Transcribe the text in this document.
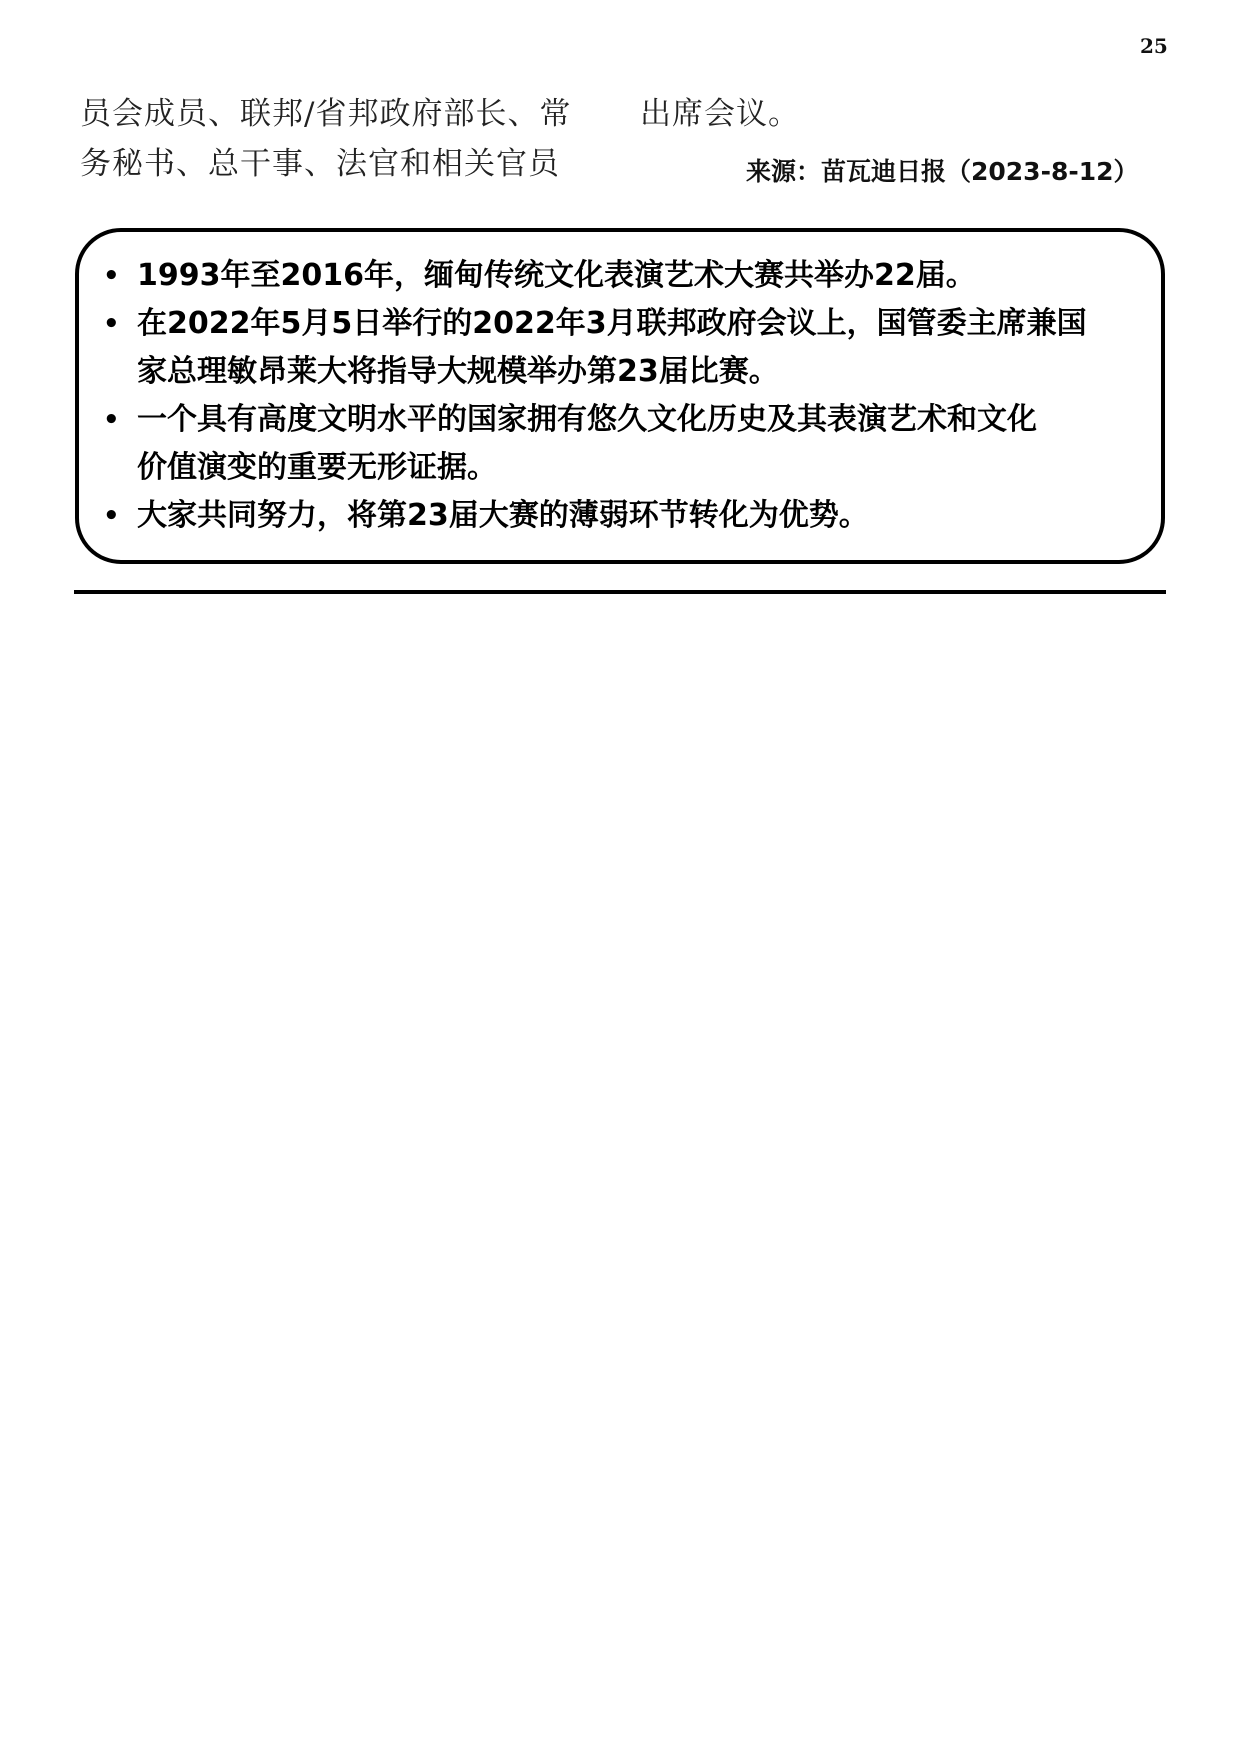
25
员会成员、联邦/省邦政府部长、常
务秘书、总干事、法官和相关官员
出席会议。
来源：苗瓦迪日报（2023-8-12）
• 1993年至2016年，缅甸传统文化表演艺术大赛共举办22届。
• 在2022年5月5日举行的2022年3月联邦政府会议上，国管委主席兼国
家总理敏昂莱大将指导大规模举办第23届比赛。
• 一个具有高度文明水平的国家拥有悠久文化历史及其表演艺术和文化
价值演变的重要无形证据。
• 大家共同努力，将第23届大赛的薄弱环节转化为优势。
